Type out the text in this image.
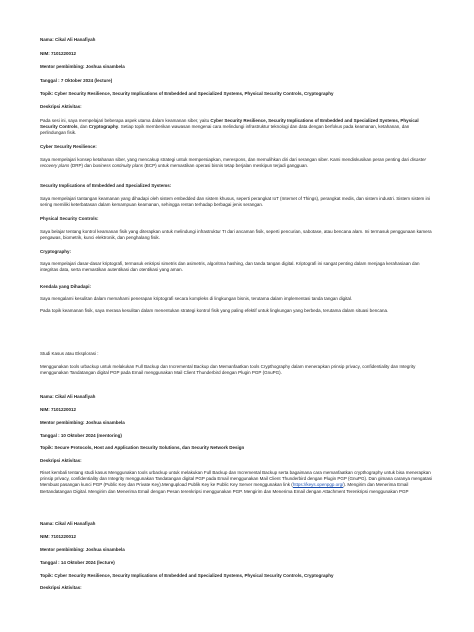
Nama: Cikal Ali Hanafiyah
NIM: 7101220012
Mentor pembimbing: Joshua sinambela
Tanggal : 7 Oktober 2024 (lecture)
Topik: Cyber Security Resilience, Security Implications of Embedded and Specialized Systems, Physical Security Controls, Cryptography
Deskripsi Aktivitas:
Pada sesi ini, saya mempelajari beberapa aspek utama dalam keamanan siber, yaitu Cyber Security Resilience, Security Implications of Embedded and Specialized Systems, Physical Security Controls, dan Cryptography. Setiap topik memberikan wawasan mengenai cara melindungi infrastruktur teknologi dan data dengan berfokus pada keamanan, ketahanan, dan perlindungan fisik.
Cyber Security Resilience:
Saya mempelajari konsep ketahanan siber, yang mencakup strategi untuk mempersiapkan, merespons, dan memulihkan diri dari serangan siber. Kami mendiskusikan peran penting dari disaster recovery plans (DRP) dan business continuity plans (BCP) untuk memastikan operasi bisnis tetap berjalan meskipun terjadi gangguan.
Security Implications of Embedded and Specialized Systems:
Saya mempelajari tantangan keamanan yang dihadapi oleh sistem embedded dan sistem khusus, seperti perangkat IoT (Internet of Things), perangkat medis, dan sistem industri. Sistem sistem ini sering memiliki keterbatasan dalam kemampuan keamanan, sehingga rentan terhadap berbagai jenis serangan.
Physical Security Controls:
Saya belajar tentang kontrol keamanan fisik yang diterapkan untuk melindungi infrastruktur TI dari ancaman fisik, seperti pencurian, sabotase, atau bencana alam. Ini termasuk penggunaan kamera pengawas, biometrik, kunci elektronik, dan penghalang fisik.
Cryptography:
Saya mempelajari dasar-dasar kriptografi, termasuk enkripsi simetris dan asimetris, algoritma hashing, dan tanda tangan digital. Kriptografi ini sangat penting dalam menjaga kerahasiaan dan integritas data, serta memastikan autentikasi dan otentikasi yang aman.
Kendala yang Dihadapi:
Saya mengalami kesulitan dalam memahami penerapan kriptografi secara kompleks di lingkungan bisnis, terutama dalam implementasi tanda tangan digital.
Pada topik keamanan fisik, saya merasa kesulitan dalam menentukan strategi kontrol fisik yang paling efektif untuk lingkungan yang berbeda, terutama dalam situasi bencana.
Studi Kasus atau Eksplorasi :
Menggunakan tools urbackup untuk melakukan Full Backup dan Incremental Backup dan Memanfaatkan tools Crypthography dalam menerapkan prinsip privacy, confidentiality dan Integrity menggunakan Tandatangan digital PGP pada Email menggunakan Mail Client Thunderbird dengan Plugin PGP (GnuPG).
Nama: Cikal Ali Hanafiyah
NIM: 7101220012
Mentor pembimbing: Joshua sinambela
Tanggal : 10 Oktober 2024 (mentoring)
Topik: Secure Protocols, Host and Application Security Solutions, dan Security Network Design
Deskripsi Aktivitas:
Riset kembali tentang studi kasus Menggunakan tools urbackup untuk melakukan Full Backup dan Incremental Backup serta bagaimana cara memanfaatkan crypthography untuk bisa menerapkan prinsip privacy, confidentiality dan Integrity menggunakan Tandatangan digital PGP pada Email menggunakan Mail Client Thunderbird dengan Plugin PGP (GnuPG). Dan gimana caranya mengatasi Membuat pasangan kunci PGP (Public Key dan Private Key).Mengupload Publik Key ke Public Key Server menggunakan link (https://keys.openpgp.org/). Mengirim dan Menerima Email Bertandatangan Digital. Mengirim dan Menerima Email dengan Pesan terenkripsi menggunakan PGP. Mengirim dan Menerima Email dengan Attachment Terenkripsi menggunakan PGP
Nama: Cikal Ali Hanafiyah
NIM: 7101220012
Mentor pembimbing: Joshua sinambela
Tanggal : 14 Oktober 2024 (lecture)
Topik: Cyber Security Resilience, Security Implications of Embedded and Specialized Systems, Physical Security Controls, Cryptography
Deskripsi Aktivitas:
